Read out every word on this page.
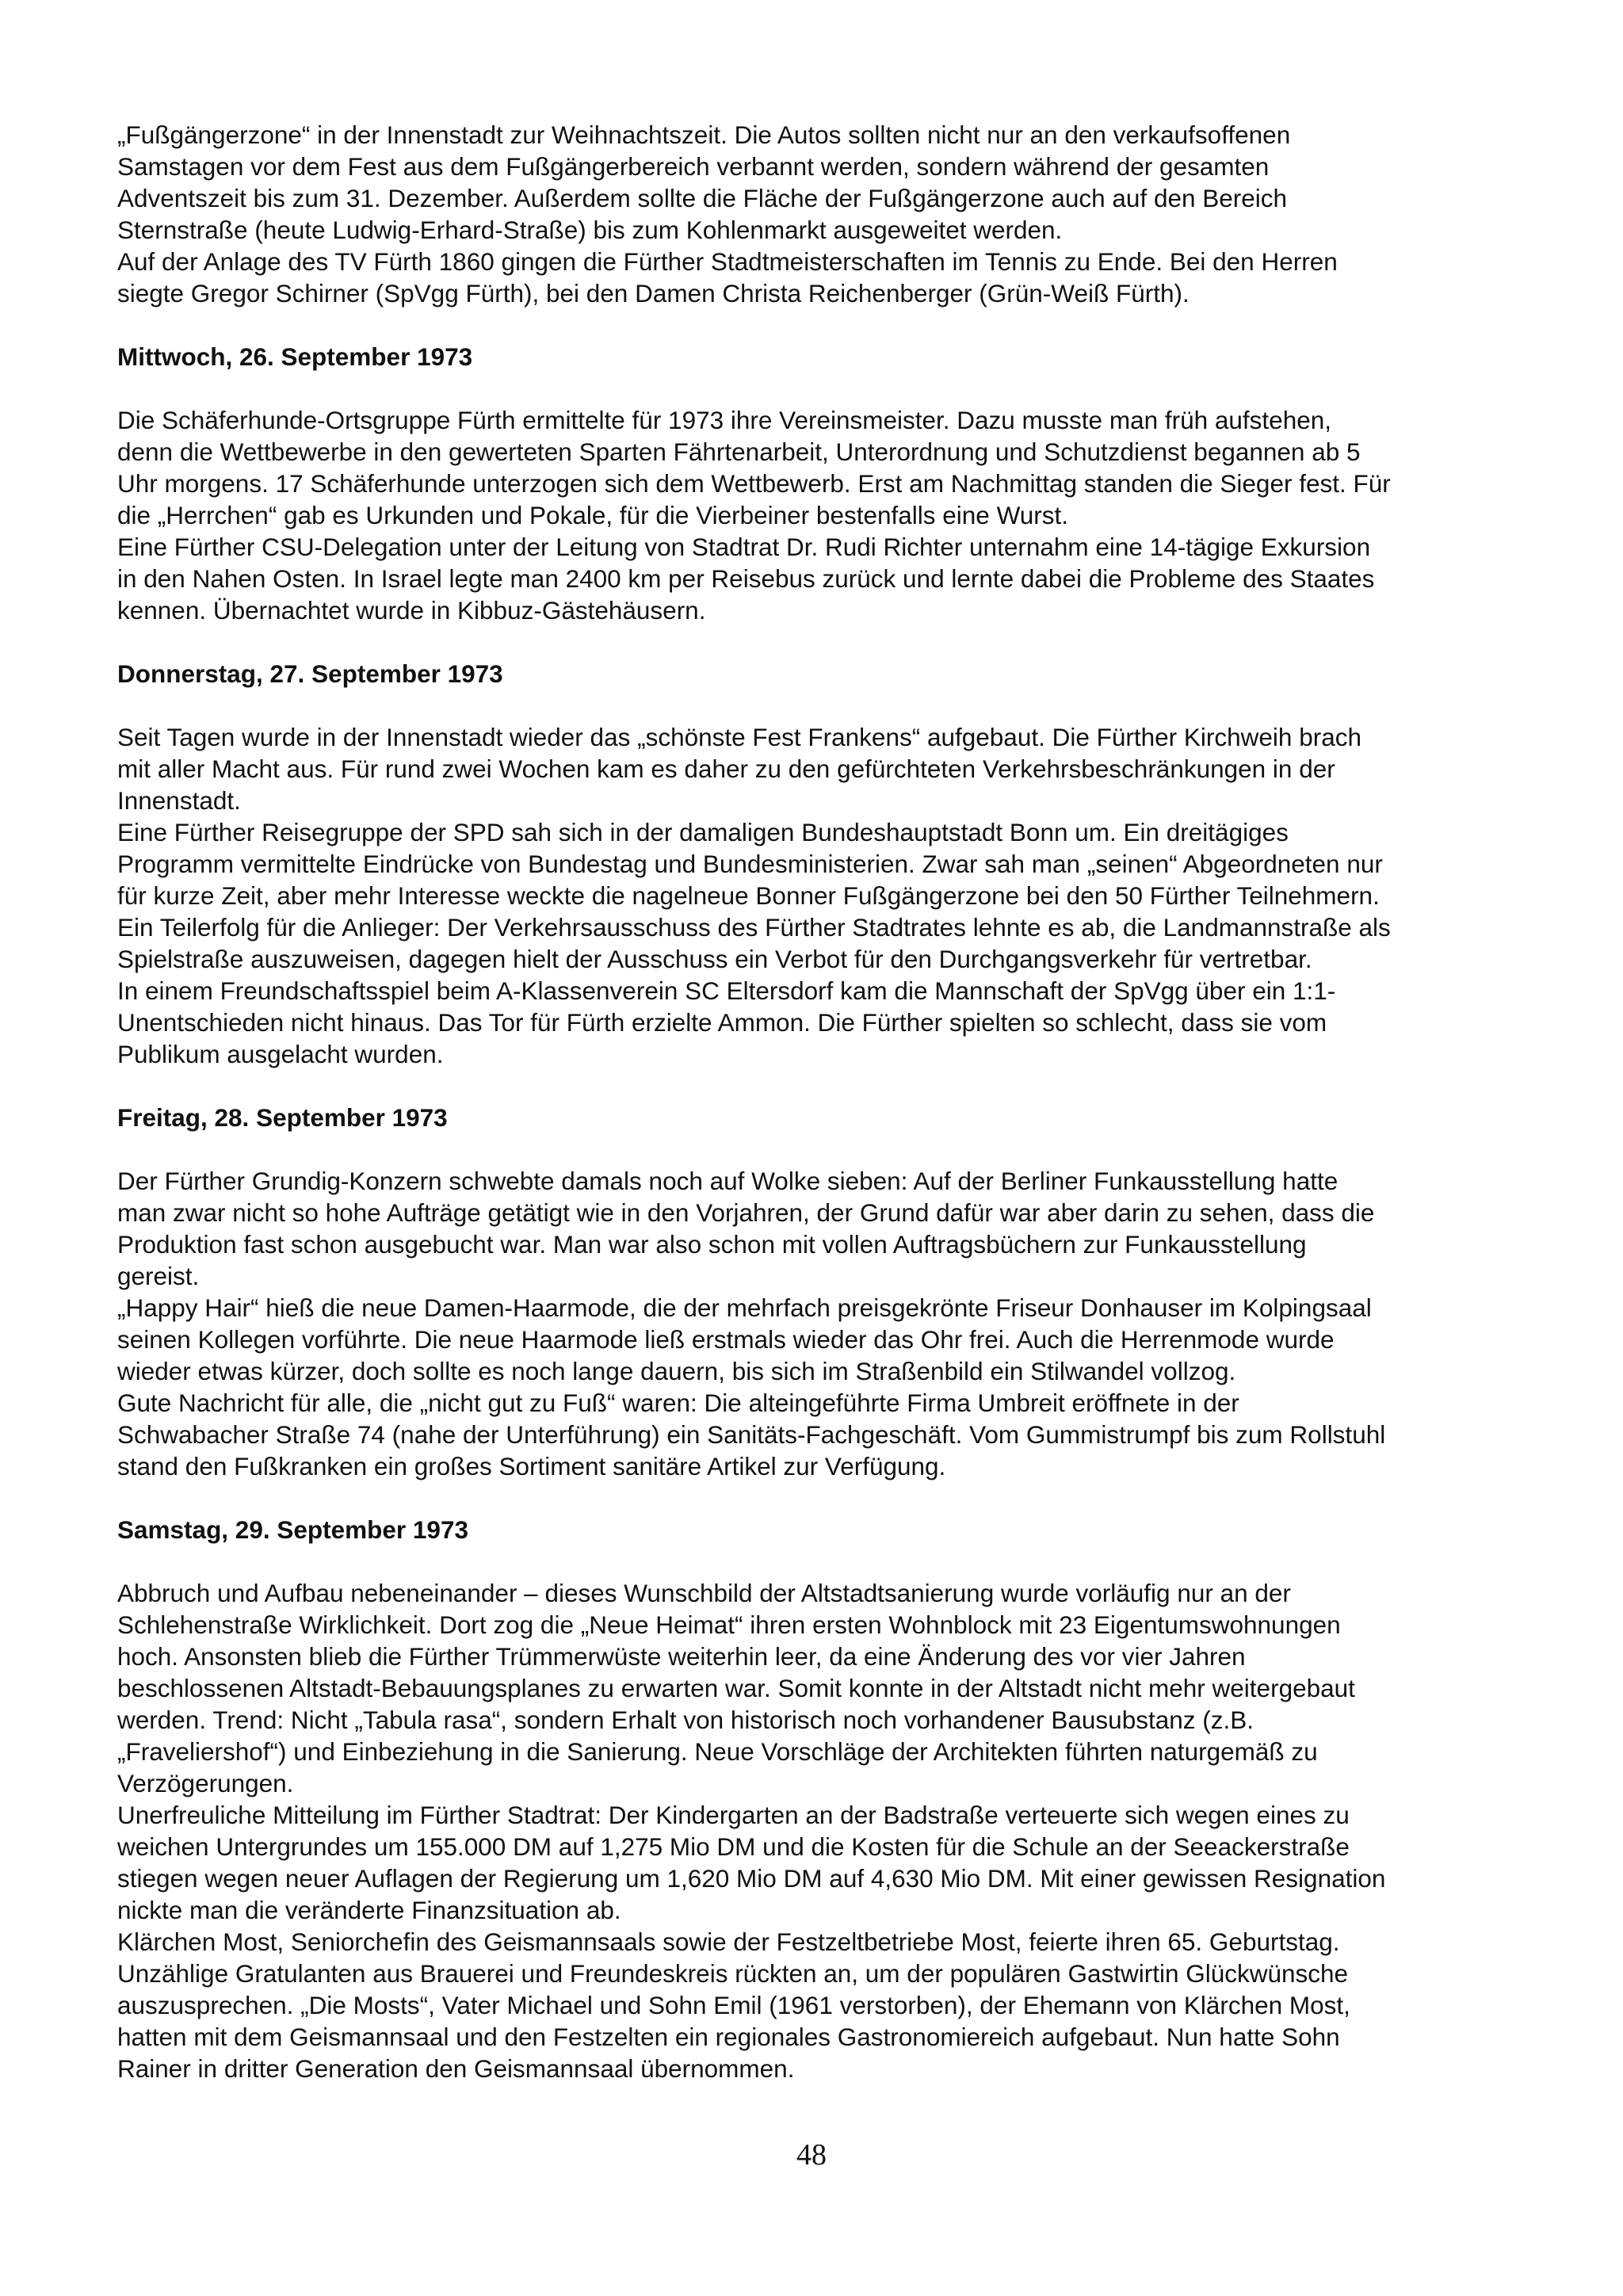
„Fußgängerzone“ in der Innenstadt zur Weihnachtszeit. Die Autos sollten nicht nur an den verkaufsoffenen
Samstagen vor dem Fest aus dem Fußgängerbereich verbannt werden, sondern während der gesamten
Adventszeit bis zum 31. Dezember. Außerdem sollte die Fläche der Fußgängerzone auch auf den Bereich
Sternstraße (heute Ludwig-Erhard-Straße) bis zum Kohlenmarkt ausgeweitet werden.

Auf der Anlage des TV Fürth 1860 gingen die Fürther Stadtmeisterschaften im Tennis zu Ende. Bei den Herren
siegte Gregor Schirner (SpVgg Fürth), bei den Damen Christa Reichenberger (Grün-Weiß Fürth).

Mittwoch, 26. September 1973

Die Schäferhunde-Ortsgruppe Fürth ermittelte für 1973 ihre Vereinsmeister. Dazu musste man früh aufstehen,
denn die Wettbewerbe in den gewerteten Sparten Fährtenarbeit, Unterordnung und Schutzdienst begannen ab 5
Uhr morgens. 17 Schäferhunde unterzogen sich dem Wettbewerb. Erst am Nachmittag standen die Sieger fest. Für
die „Herrchen“ gab es Urkunden und Pokale, für die Vierbeiner bestenfalls eine Wurst.

Eine Fürther CSU-Delegation unter der Leitung von Stadtrat Dr. Rudi Richter unternahm eine 14-tägige Exkursion
in den Nahen Osten. In Israel legte man 2400 km per Reisebus zurück und lernte dabei die Probleme des Staates
kennen. Übernachtet wurde in Kibbuz-Gästehäusern.

Donnerstag, 27. September 1973

Seit Tagen wurde in der Innenstadt wieder das „schönste Fest Frankens“ aufgebaut. Die Fürther Kirchweih brach
mit aller Macht aus. Für rund zwei Wochen kam es daher zu den gefürchteten Verkehrsbeschränkungen in der
Innenstadt.

Eine Fürther Reisegruppe der SPD sah sich in der damaligen Bundeshauptstadt Bonn um. Ein dreitägiges
Programm vermittelte Eindrücke von Bundestag und Bundesministerien. Zwar sah man „seinen“ Abgeordneten nur
für kurze Zeit, aber mehr Interesse weckte die nagelneue Bonner Fußgängerzone bei den 50 Fürther Teilnehmern.

Ein Teilerfolg für die Anlieger: Der Verkehrsausschuss des Fürther Stadtrates lehnte es ab, die Landmannstraße als
Spielstraße auszuweisen, dagegen hielt der Ausschuss ein Verbot für den Durchgangsverkehr für vertretbar.

In einem Freundschaftsspiel beim A-Klassenverein SC Eltersdorf kam die Mannschaft der SpVgg über ein 1:1-
Unentschieden nicht hinaus. Das Tor für Fürth erzielte Ammon. Die Fürther spielten so schlecht, dass sie vom
Publikum ausgelacht wurden.

Freitag, 28. September 1973

Der Fürther Grundig-Konzern schwebte damals noch auf Wolke sieben: Auf der Berliner Funkausstellung hatte
man zwar nicht so hohe Aufträge getätigt wie in den Vorjahren, der Grund dafür war aber darin zu sehen, dass die
Produktion fast schon ausgebucht war. Man war also schon mit vollen Auftragsbüchern zur Funkausstellung
gereist.

„Happy Hair“ hieß die neue Damen-Haarmode, die der mehrfach preisgekrönte Friseur Donhauser im Kolpingsaal
seinen Kollegen vorführte. Die neue Haarmode ließ erstmals wieder das Ohr frei. Auch die Herrenmode wurde
wieder etwas kürzer, doch sollte es noch lange dauern, bis sich im Straßenbild ein Stilwandel vollzog.

Gute Nachricht für alle, die „nicht gut zu Fuß“ waren: Die alteingeführte Firma Umbreit eröffnete in der
Schwabacher Straße 74 (nahe der Unterführung) ein Sanitäts-Fachgeschäft. Vom Gummistrumpf bis zum Rollstuhl
stand den Fußkranken ein großes Sortiment sanitäre Artikel zur Verfügung.

Samstag, 29. September 1973

Abbruch und Aufbau nebeneinander – dieses Wunschbild der Altstadtsanierung wurde vorläufig nur an der
Schlehenstraße Wirklichkeit. Dort zog die „Neue Heimat“ ihren ersten Wohnblock mit 23 Eigentumswohnungen
hoch. Ansonsten blieb die Fürther Trümmerwüste weiterhin leer, da eine Änderung des vor vier Jahren
beschlossenen Altstadt-Bebauungsplanes zu erwarten war. Somit konnte in der Altstadt nicht mehr weitergebaut
werden. Trend: Nicht „Tabula rasa“, sondern Erhalt von historisch noch vorhandener Bausubstanz (z.B.
„Fraveliershof“) und Einbeziehung in die Sanierung. Neue Vorschläge der Architekten führten naturgemäß zu
Verzögerungen.

Unerfreuliche Mitteilung im Fürther Stadtrat: Der Kindergarten an der Badstraße verteuerte sich wegen eines zu
weichen Untergrundes um 155.000 DM auf 1,275 Mio DM und die Kosten für die Schule an der Seeackerstraße
stiegen wegen neuer Auflagen der Regierung um 1,620 Mio DM auf 4,630 Mio DM. Mit einer gewissen Resignation
nickte man die veränderte Finanzsituation ab.

Klärchen Most, Seniorchefin des Geismannsaals sowie der Festzeltbetriebe Most, feierte ihren 65. Geburtstag.
Unzählige Gratulanten aus Brauerei und Freundeskreis rückten an, um der populären Gastwirtin Glückwünsche
auszusprechen. „Die Mosts“, Vater Michael und Sohn Emil (1961 verstorben), der Ehemann von Klärchen Most,
hatten mit dem Geismannsaal und den Festzelten ein regionales Gastronomiereich aufgebaut. Nun hatte Sohn
Rainer in dritter Generation den Geismannsaal übernommen.

48
